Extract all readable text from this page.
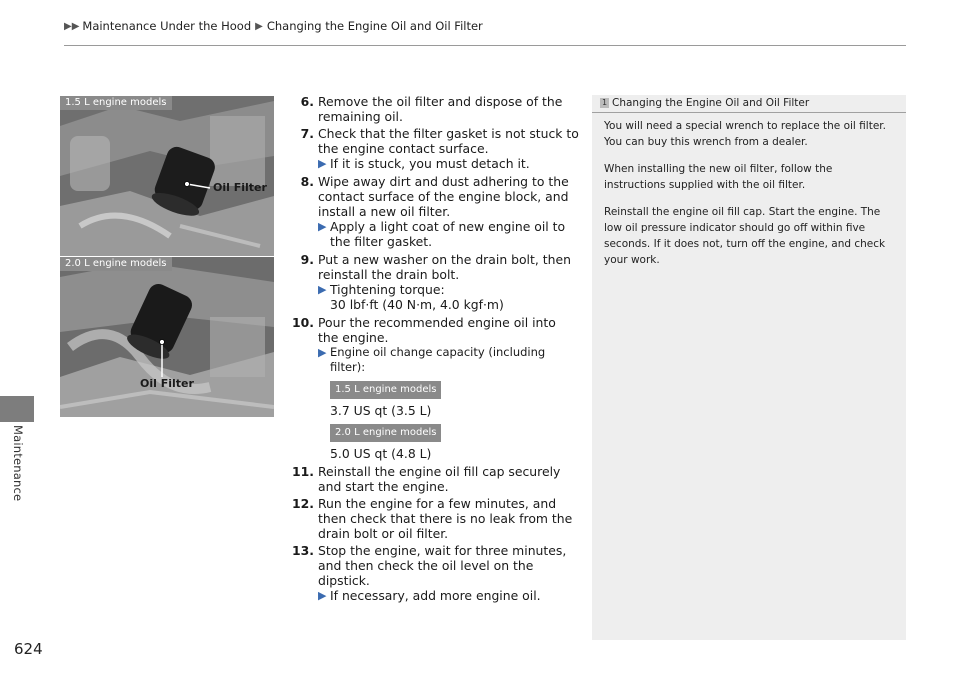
▶▶ Maintenance Under the Hood ▶ Changing the Engine Oil and Oil Filter
Maintenance
1.5 L engine models
Oil Filter
2.0 L engine models
Oil Filter
6. Remove the oil filter and dispose of the remaining oil.
7. Check that the filter gasket is not stuck to the engine contact surface.
▶ If it is stuck, you must detach it.
8. Wipe away dirt and dust adhering to the contact surface of the engine block, and install a new oil filter.
▶ Apply a light coat of new engine oil to the filter gasket.
9. Put a new washer on the drain bolt, then reinstall the drain bolt.
▶ Tightening torque:
30 lbf·ft (40 N·m, 4.0 kgf·m)
10. Pour the recommended engine oil into the engine.
▶ Engine oil change capacity (including filter):
1.5 L engine models
3.7 US qt (3.5 L)
2.0 L engine models
5.0 US qt (4.8 L)
11. Reinstall the engine oil fill cap securely and start the engine.
12. Run the engine for a few minutes, and then check that there is no leak from the drain bolt or oil filter.
13. Stop the engine, wait for three minutes, and then check the oil level on the dipstick.
▶ If necessary, add more engine oil.
1 Changing the Engine Oil and Oil Filter

You will need a special wrench to replace the oil filter. You can buy this wrench from a dealer.

When installing the new oil filter, follow the instructions supplied with the oil filter.

Reinstall the engine oil fill cap. Start the engine. The low oil pressure indicator should go off within five seconds. If it does not, turn off the engine, and check your work.

624
